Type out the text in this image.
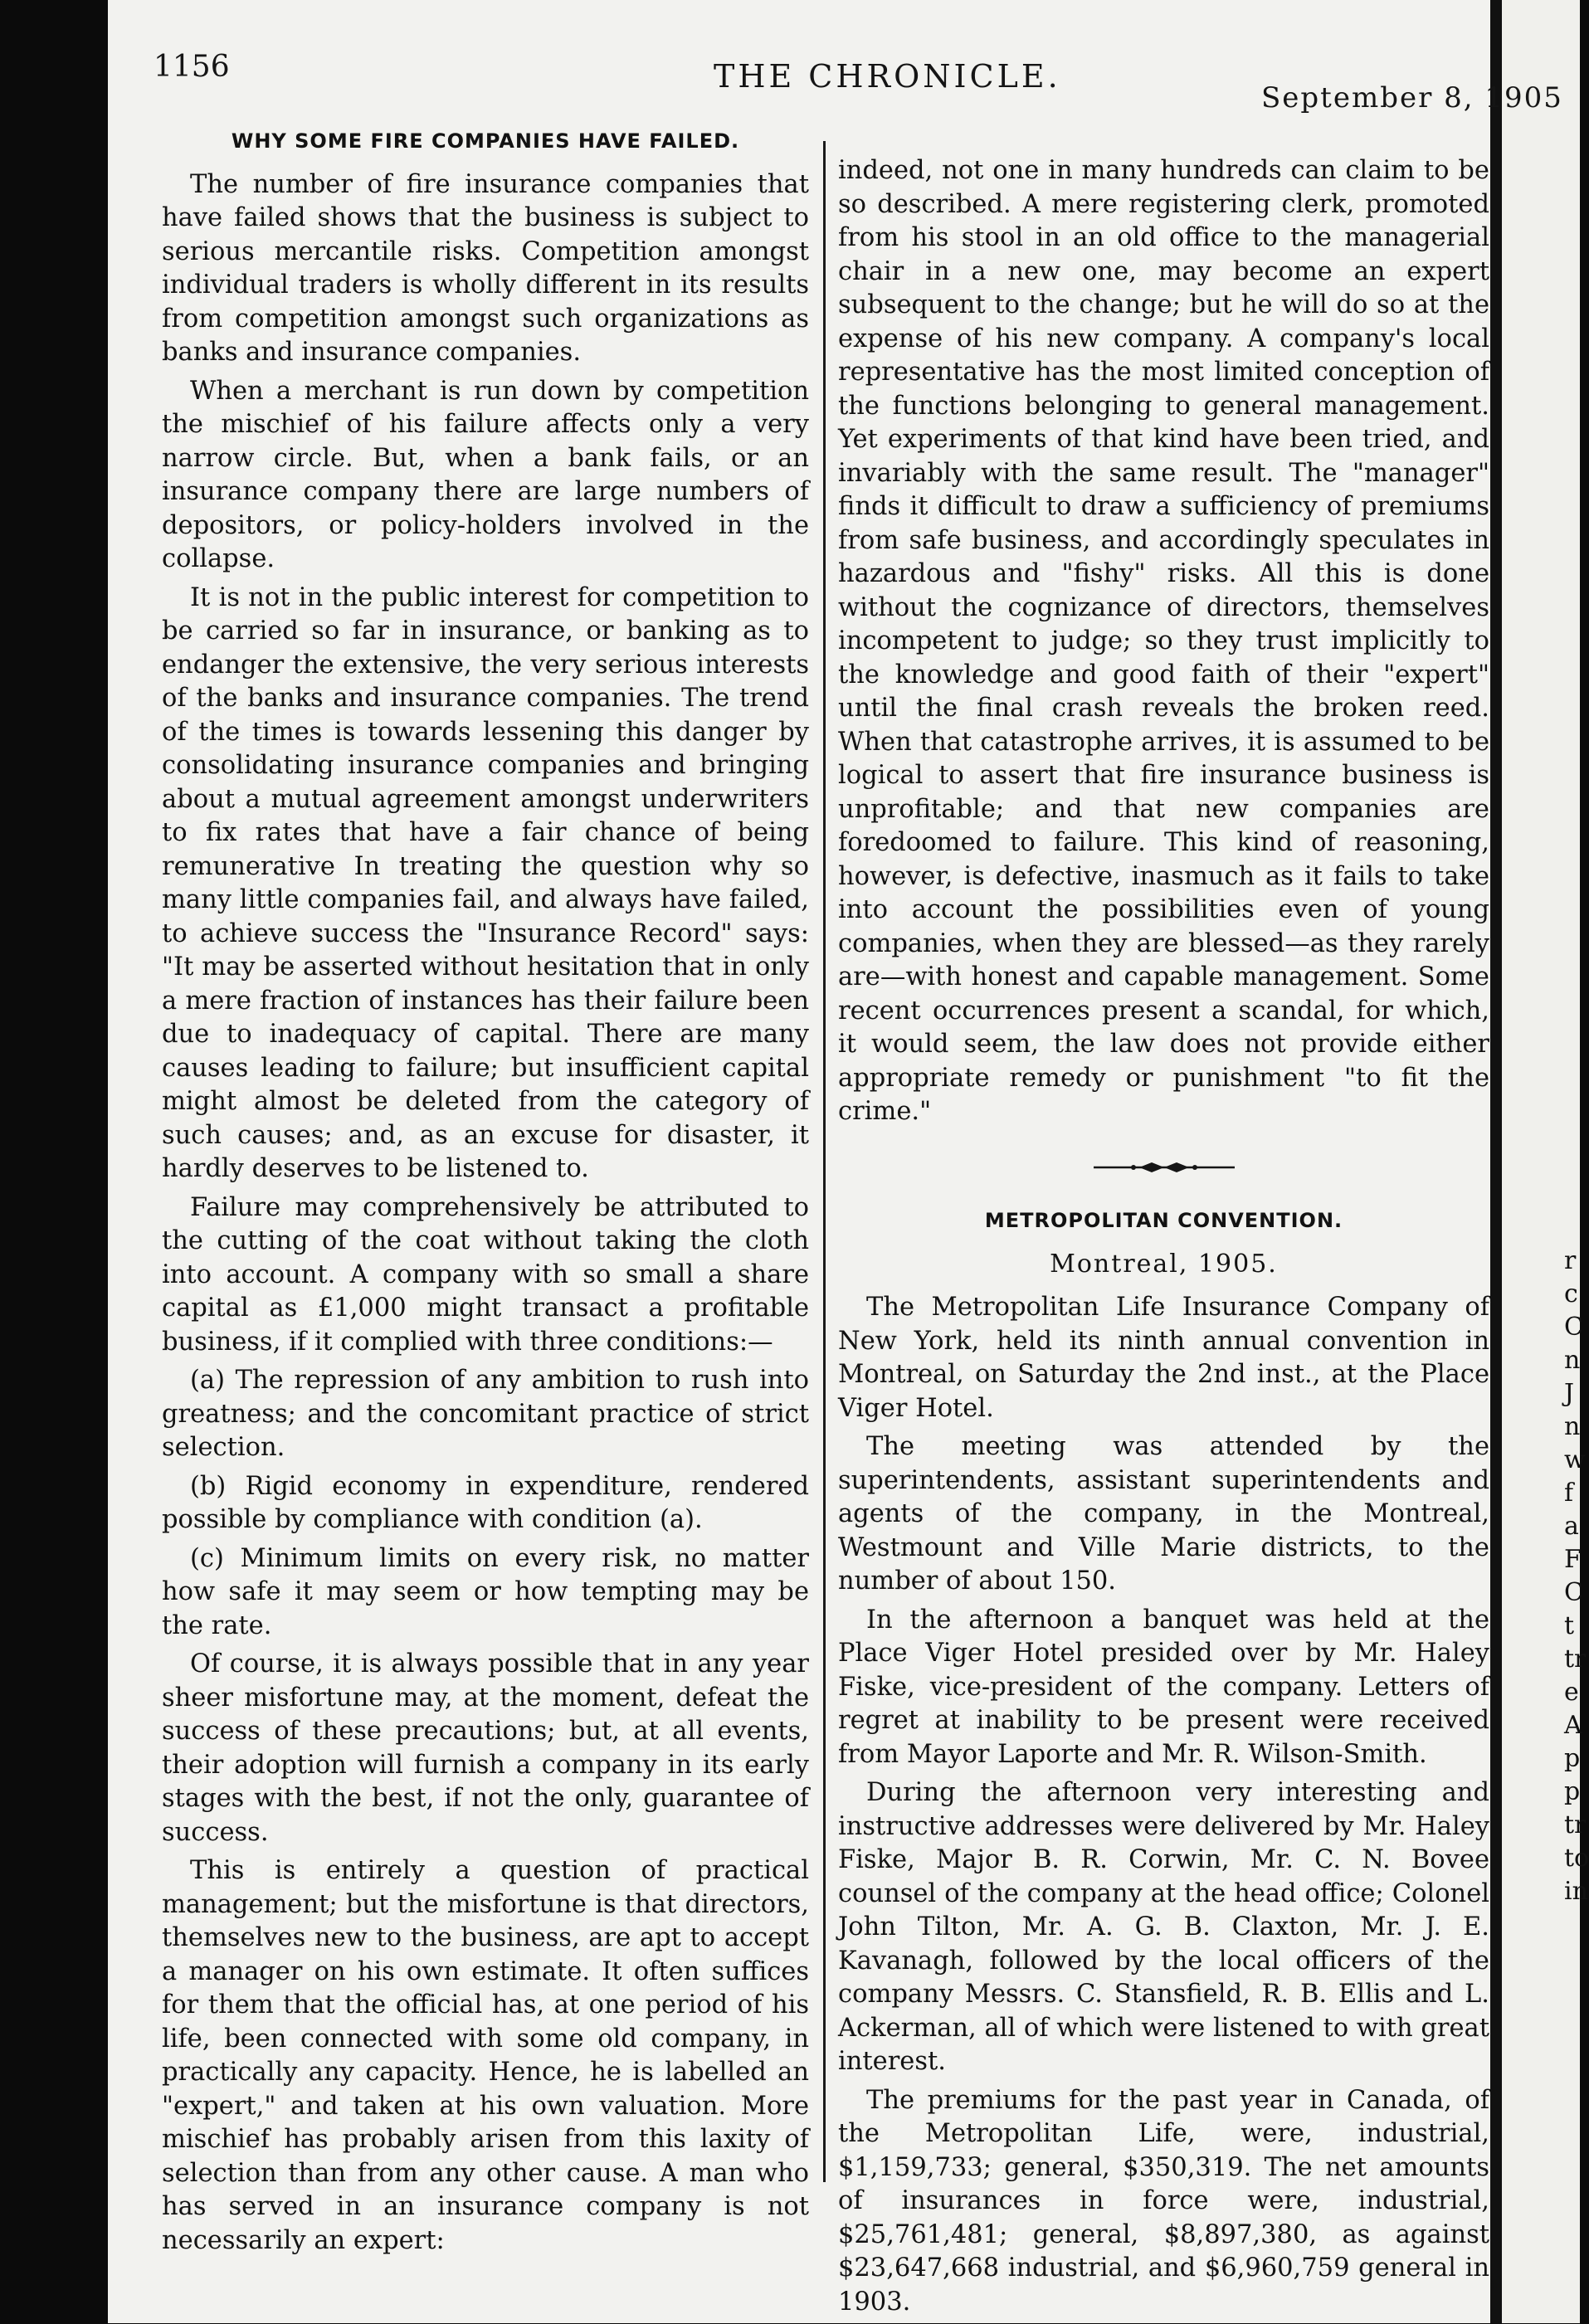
1156	THE CHRONICLE.
September 8, 1905
WHY SOME FIRE COMPANIES HAVE FAILED.

The number of fire insurance companies that have failed shows that the business is subject to serious mercantile risks. Competition amongst individual traders is wholly different in its results from competition amongst such organizations as banks and insurance companies.

When a merchant is run down by competition the mischief of his failure affects only a very narrow circle. But, when a bank fails, or an insurance company there are large numbers of depositors, or policy-holders involved in the collapse.

It is not in the public interest for competition to be carried so far in insurance, or banking as to endanger the extensive, the very serious interests of the banks and insurance companies. The trend of the times is towards lessening this danger by consolidating insurance companies and bringing about a mutual agreement amongst underwriters to fix rates that have a fair chance of being remunerative In treating the question why so many little companies fail, and always have failed, to achieve success the "Insurance Record" says: "It may be asserted without hesitation that in only a mere fraction of instances has their failure been due to inadequacy of capital. There are many causes leading to failure; but insufficient capital might almost be deleted from the category of such causes; and, as an excuse for disaster, it hardly deserves to be listened to.

Failure may comprehensively be attributed to the cutting of the coat without taking the cloth into account. A company with so small a share capital as £1,000 might transact a profitable business, if it complied with three conditions:—

(a) The repression of any ambition to rush into greatness; and the concomitant practice of strict selection.

(b) Rigid economy in expenditure, rendered possible by compliance with condition (a).

(c) Minimum limits on every risk, no matter how safe it may seem or how tempting may be the rate.

Of course, it is always possible that in any year sheer misfortune may, at the moment, defeat the success of these precautions; but, at all events, their adoption will furnish a company in its early stages with the best, if not the only, guarantee of success.

This is entirely a question of practical management; but the misfortune is that directors, themselves new to the business, are apt to accept a manager on his own estimate. It often suffices for them that the official has, at one period of his life, been connected with some old company, in practically any capacity. Hence, he is labelled an "expert," and taken at his own valuation. More mischief has probably arisen from this laxity of selection than from any other cause. A man who has served in an insurance company is not necessarily an expert:

indeed, not one in many hundreds can claim to be so described. A mere registering clerk, promoted from his stool in an old office to the managerial chair in a new one, may become an expert subsequent to the change; but he will do so at the expense of his new company. A company's local representative has the most limited conception of the functions belonging to general management. Yet experiments of that kind have been tried, and invariably with the same result. The "manager" finds it difficult to draw a sufficiency of premiums from safe business, and accordingly speculates in hazardous and "fishy" risks. All this is done without the cognizance of directors, themselves incompetent to judge; so they trust implicitly to the knowledge and good faith of their "expert" until the final crash reveals the broken reed. When that catastrophe arrives, it is assumed to be logical to assert that fire insurance business is unprofitable; and that new companies are foredoomed to failure. This kind of reasoning, however, is defective, inasmuch as it fails to take into account the possibilities even of young companies, when they are blessed—as they rarely are—with honest and capable management. Some recent occurrences present a scandal, for which, it would seem, the law does not provide either appropriate remedy or punishment "to fit the crime."

METROPOLITAN CONVENTION.
Montreal, 1905.

The Metropolitan Life Insurance Company of New York, held its ninth annual convention in Montreal, on Saturday the 2nd inst., at the Place Viger Hotel.

The meeting was attended by the superintendents, assistant superintendents and agents of the company, in the Montreal, Westmount and Ville Marie districts, to the number of about 150.

In the afternoon a banquet was held at the Place Viger Hotel presided over by Mr. Haley Fiske, vice-president of the company. Letters of regret at inability to be present were received from Mayor Laporte and Mr. R. Wilson-Smith.

During the afternoon very interesting and instructive addresses were delivered by Mr. Haley Fiske, Major B. R. Corwin, Mr. C. N. Bovee counsel of the company at the head office; Colonel John Tilton, Mr. A. G. B. Claxton, Mr. J. E. Kavanagh, followed by the local officers of the company Messrs. C. Stansfield, R. B. Ellis and L. Ackerman, all of which were listened to with great interest.

The premiums for the past year in Canada, of the Metropolitan Life, were, industrial, $1,159,733; general, $350,319. The net amounts of insurances in force were, industrial, $25,761,481; general, $8,897,380, as against $23,647,668 industrial, and $6,960,759 general in 1903.

r
c
C
n
J
n
w
f
a
F
C
t
tr
e
A
p
p
tr
to
in
